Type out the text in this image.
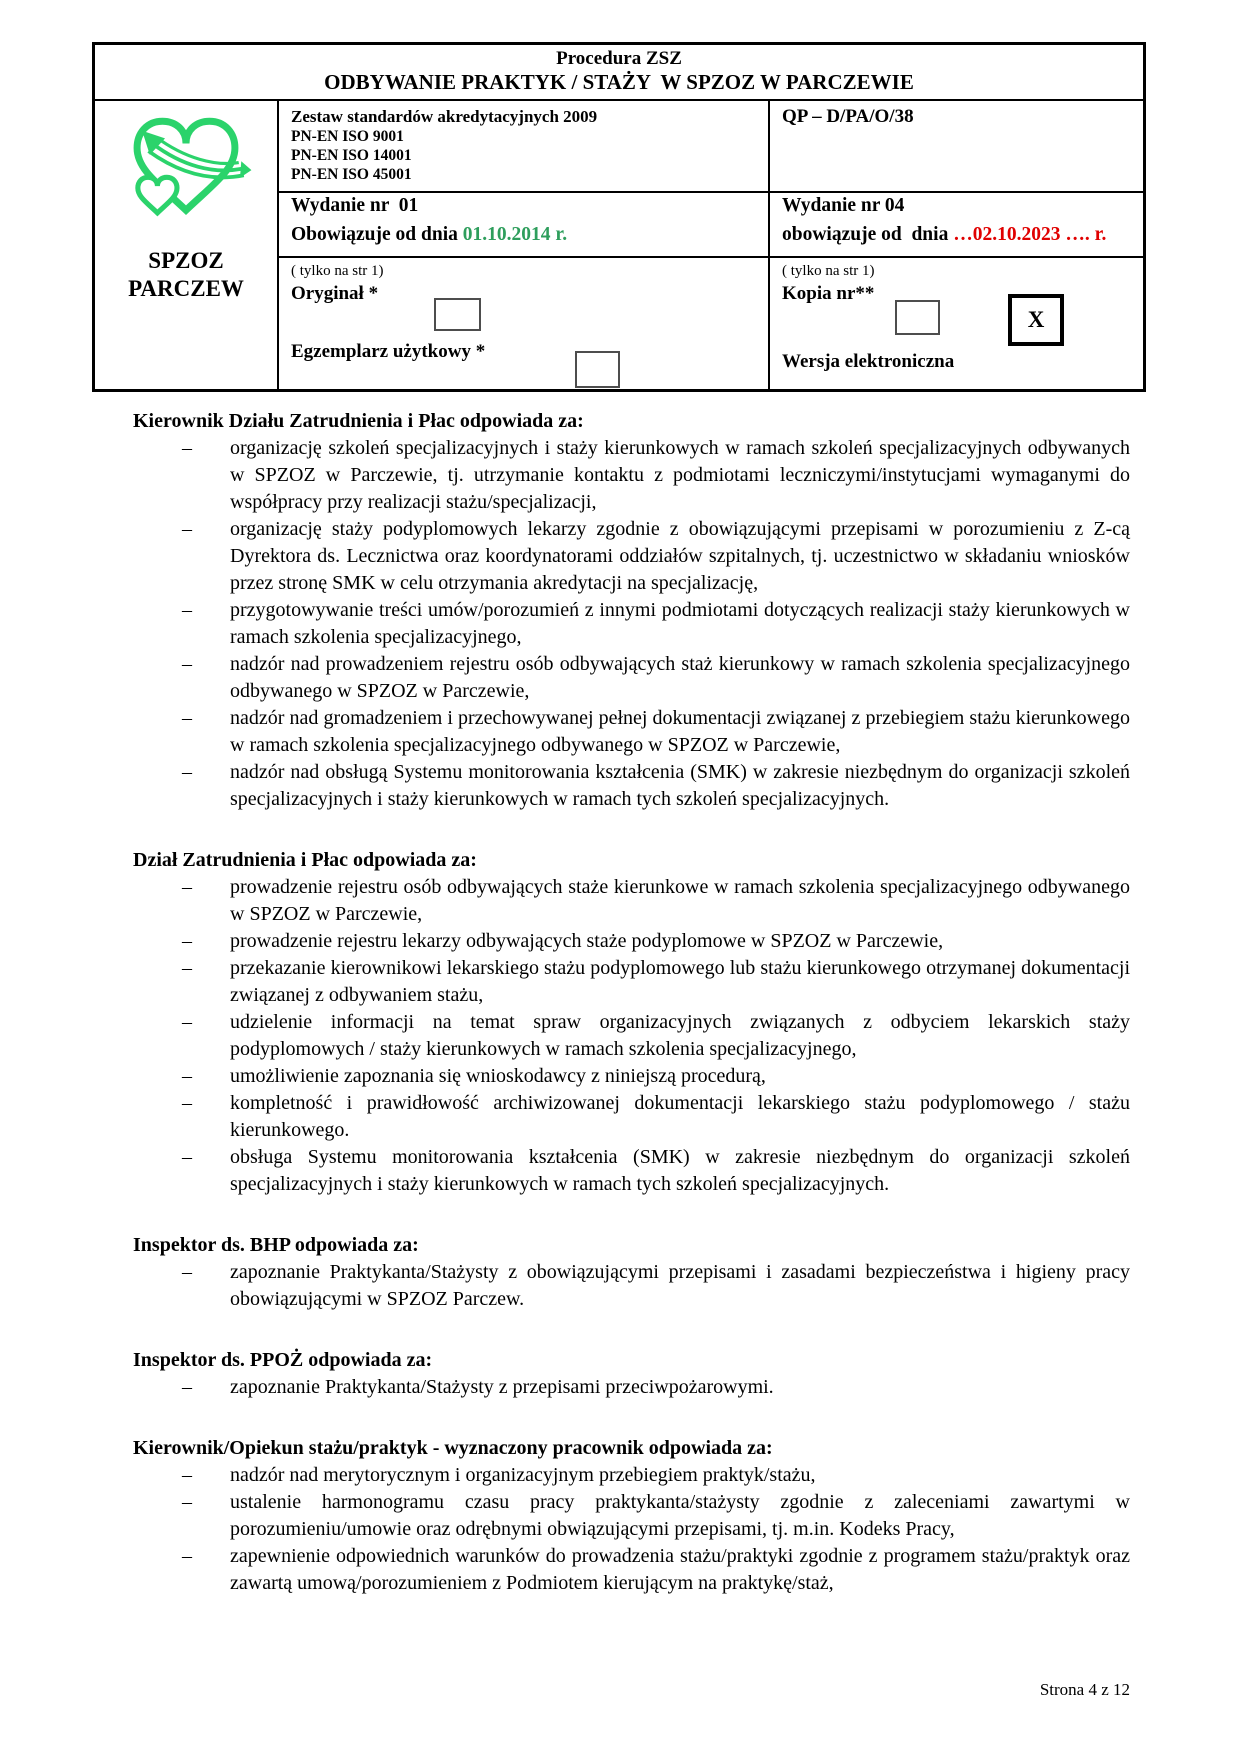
Procedura ZSZ
ODBYWANIE PRAKTYK / STAŻY  W SPZOZ W PARCZEWIE
SPZOZ
PARCZEW
Zestaw standardów akredytacyjnych 2009
PN-EN ISO 9001
PN-EN ISO 14001
PN-EN ISO 45001
QP – D/PA/O/38
Wydanie nr  01
Obowiązuje od dnia 01.10.2014 r.
Wydanie nr 04
obowiązuje od  dnia …02.10.2023 …. r.
( tylko na str 1)
Oryginał *
Egzemplarz użytkowy *
( tylko na str 1)
Kopia nr**
X
Wersja elektroniczna
Kierownik Działu Zatrudnienia i Płac odpowiada za:
– organizację szkoleń specjalizacyjnych i staży kierunkowych w ramach szkoleń specjalizacyjnych odbywanych w SPZOZ w Parczewie, tj. utrzymanie kontaktu z podmiotami leczniczymi/instytucjami wymaganymi do współpracy przy realizacji stażu/specjalizacji,
– organizację staży podyplomowych lekarzy zgodnie z obowiązującymi przepisami w porozumieniu z Z-cą Dyrektora ds. Lecznictwa oraz koordynatorami oddziałów szpitalnych, tj. uczestnictwo w składaniu wniosków przez stronę SMK w celu otrzymania akredytacji na specjalizację,
– przygotowywanie treści umów/porozumień z innymi podmiotami dotyczących realizacji staży kierunkowych w ramach szkolenia specjalizacyjnego,
– nadzór nad prowadzeniem rejestru osób odbywających staż kierunkowy w ramach szkolenia specjalizacyjnego odbywanego w SPZOZ w Parczewie,
– nadzór nad gromadzeniem i przechowywanej pełnej dokumentacji związanej z przebiegiem stażu kierunkowego w ramach szkolenia specjalizacyjnego odbywanego w SPZOZ w Parczewie,
– nadzór nad obsługą Systemu monitorowania kształcenia (SMK) w zakresie niezbędnym do organizacji szkoleń specjalizacyjnych i staży kierunkowych w ramach tych szkoleń specjalizacyjnych.
Dział Zatrudnienia i Płac odpowiada za:
– prowadzenie rejestru osób odbywających staże kierunkowe w ramach szkolenia specjalizacyjnego odbywanego w SPZOZ w Parczewie,
– prowadzenie rejestru lekarzy odbywających staże podyplomowe w SPZOZ w Parczewie,
– przekazanie kierownikowi lekarskiego stażu podyplomowego lub stażu kierunkowego otrzymanej dokumentacji związanej z odbywaniem stażu,
– udzielenie informacji na temat spraw organizacyjnych związanych z odbyciem lekarskich staży podyplomowych / staży kierunkowych w ramach szkolenia specjalizacyjnego,
– umożliwienie zapoznania się wnioskodawcy z niniejszą procedurą,
– kompletność i prawidłowość archiwizowanej dokumentacji lekarskiego stażu podyplomowego / stażu kierunkowego.
– obsługa Systemu monitorowania kształcenia (SMK) w zakresie niezbędnym do organizacji szkoleń specjalizacyjnych i staży kierunkowych w ramach tych szkoleń specjalizacyjnych.
Inspektor ds. BHP odpowiada za:
– zapoznanie Praktykanta/Stażysty z obowiązującymi przepisami i zasadami bezpieczeństwa i higieny pracy obowiązującymi w SPZOZ Parczew.
Inspektor ds. PPOŻ odpowiada za:
– zapoznanie Praktykanta/Stażysty z przepisami przeciwpożarowymi.
Kierownik/Opiekun stażu/praktyk - wyznaczony pracownik odpowiada za:
– nadzór nad merytorycznym i organizacyjnym przebiegiem praktyk/stażu,
– ustalenie harmonogramu czasu pracy praktykanta/stażysty zgodnie z zaleceniami zawartymi w porozumieniu/umowie oraz odrębnymi obwiązującymi przepisami, tj. m.in. Kodeks Pracy,
– zapewnienie odpowiednich warunków do prowadzenia stażu/praktyki zgodnie z programem stażu/praktyk oraz zawartą umową/porozumieniem z Podmiotem kierującym na praktykę/staż,
Strona 4 z 12
